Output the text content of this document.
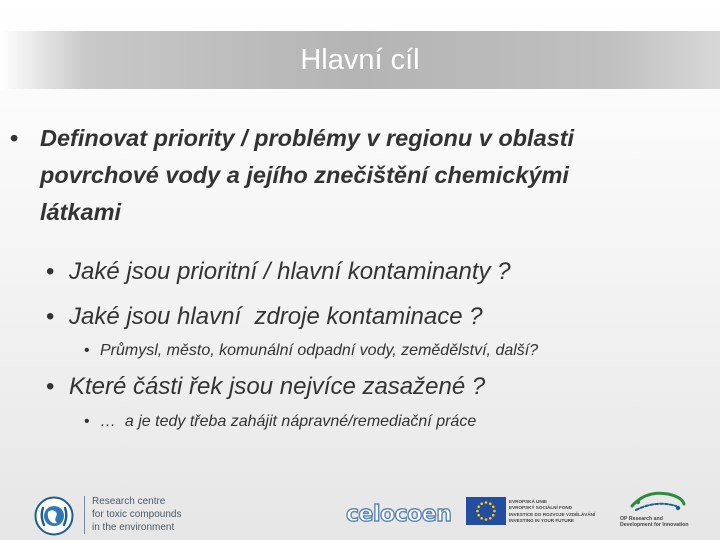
Hlavní cíl
• Definovat priority / problémy v regionu v oblasti povrchové vody a jejího znečištění chemickými látkami
• Jaké jsou prioritní / hlavní kontaminanty ?
• Jaké jsou hlavní  zdroje kontaminace ?
• Průmysl, město, komunální odpadní vody, zemědělství, další?
• Které části řek jsou nejvíce zasažené ?
• …  a je tedy třeba zahájit nápravné/remediační práce
Research centre
for toxic compounds
in the environment
celocoen
EVROPSKÁ UNIE
EVROPSKÝ SOCIÁLNÍ FOND
INVESTICE DO ROZVOJE VZDĚLÁVÁNÍ
INVESTING IN YOUR FUTURE	OP Research and
Development for Innovation
